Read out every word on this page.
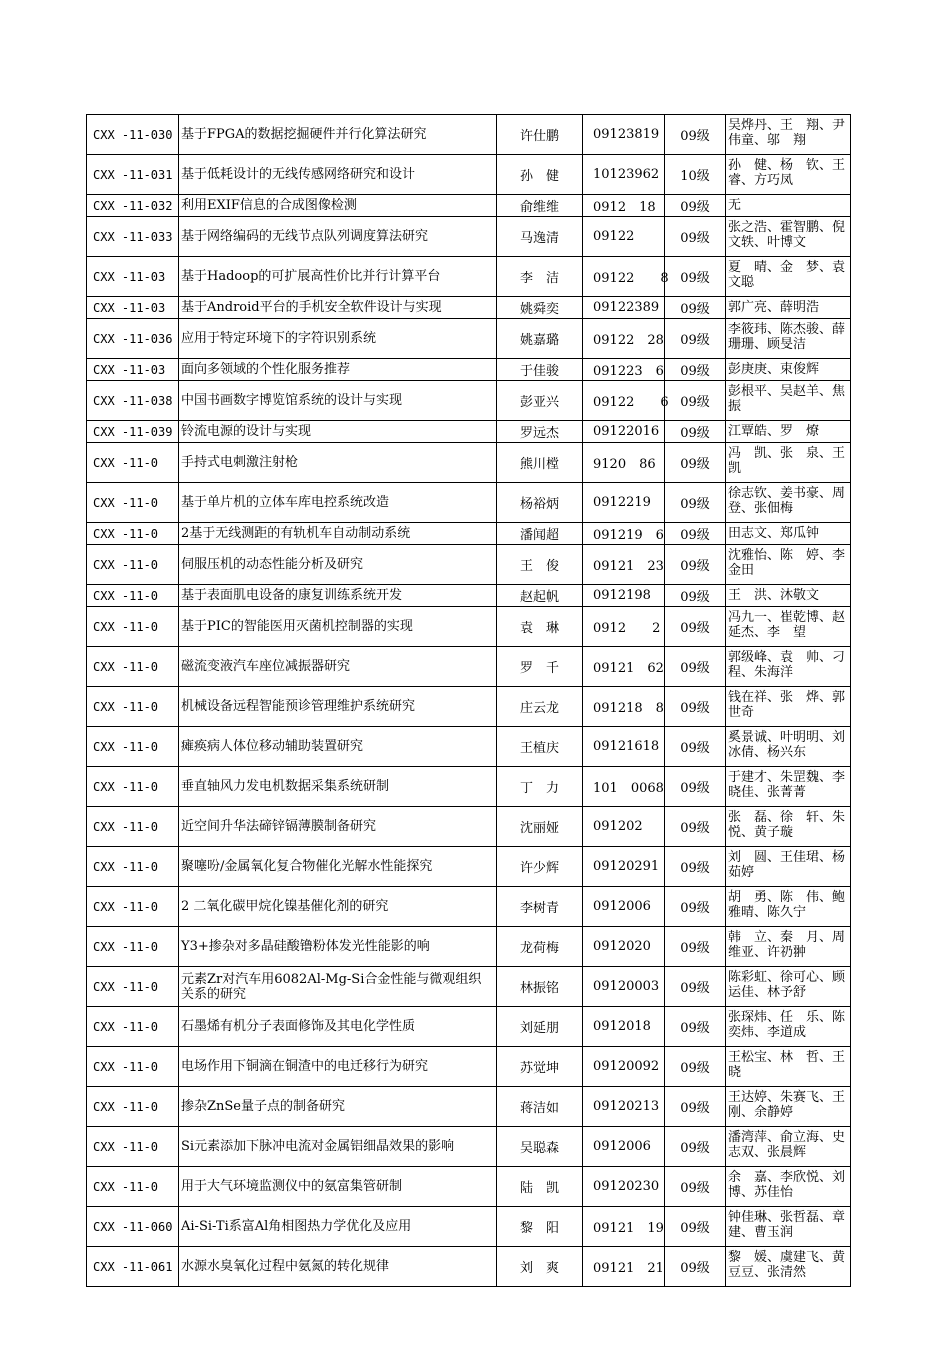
CXX -11-030	基于FPGA的数据挖掘硬件并行化算法研究	许仕鹏	09123819	09级	吴烨丹、王　翔、尹伟童、邬　翔
CXX -11-031	基于低耗设计的无线传感网络研究和设计	孙　健	10123962	10级	孙　健、杨　钦、王　睿、方巧凤
CXX -11-032	利用EXIF信息的合成图像检测	俞维维	0912　18	09级	无
CXX -11-033	基于网络编码的无线节点队列调度算法研究	马逸清	09122	09级	张之浩、霍智鹏、倪文轶、叶博文
CXX -11-03	基于Hadoop的可扩展高性价比并行计算平台	李　洁	09122　　8	09级	夏　晴、金　梦、袁文聪
CXX -11-03	基于Android平台的手机安全软件设计与实现	姚舜奕	09122389	09级	郭广亮、薛明浩
CXX -11-036	应用于特定环境下的字符识别系统	姚嘉璐	09122　28	09级	李筱玮、陈杰骏、薛珊珊、顾旻洁
CXX -11-03	面向多领域的个性化服务推荐	于佳骏	091223　6	09级	彭庚庚、束俊辉
CXX -11-038	中国书画数字博览馆系统的设计与实现	彭亚兴	09122　　6	09级	彭根平、吴赵羊、焦　振
CXX -11-039	铃流电源的设计与实现	罗远杰	09122016	09级	江覃皓、罗　燎
CXX -11-0	手持式电刺激注射枪	熊川樘	9120　86	09级	冯　凯、张　泉、王　凯
CXX -11-0	基于单片机的立体车库电控系统改造	杨裕炳	0912219	09级	徐志钦、姜书豪、周　登、张佃梅
CXX -11-0	2基于无线测距的有轨机车自动制动系统	潘闻超	091219　6	09级	田志文、郑瓜钟
CXX -11-0	伺服压机的动态性能分析及研究	王　俊	09121　23	09级	沈雅怡、陈　婷、李金田
CXX -11-0	基于表面肌电设备的康复训练系统开发	赵起帆	0912198	09级	王　洪、沐敬文
CXX -11-0	基于PIC的智能医用灭菌机控制器的实现	袁　琳	0912　　2	09级	冯九一、崔乾博、赵延杰、李　望
CXX -11-0	磁流变液汽车座位减振器研究	罗　千	09121　62	09级	郭级峰、袁　帅、刁　程、朱海洋
CXX -11-0	机械设备远程智能预诊管理维护系统研究	庄云龙	091218　8	09级	钱在祥、张　烨、郭世奇
CXX -11-0	瘫痪病人体位移动辅助装置研究	王植庆	09121618	09级	奚景诚、叶明明、刘冰倩、杨兴东
CXX -11-0	垂直轴风力发电机数据采集系统研制	丁　力	101　0068	09级	于建才、朱罡魏、李晓佳、张菁菁
CXX -11-0	近空间升华法碲锌镉薄膜制备研究	沈丽娅	091202	09级	张　磊、徐　轩、朱　悦、黄子璇
CXX -11-0	聚噻吩/金属氧化复合物催化光解水性能探究	许少辉	09120291	09级	刘　圆、王佳珺、杨茹婷
CXX -11-0	2 二氧化碳甲烷化镍基催化剂的研究	李树青	0912006	09级	胡　勇、陈　伟、鲍雅晴、陈久宁
CXX -11-0	Y3+掺杂对多晶硅酸镥粉体发光性能影的响	龙荷梅	0912020	09级	韩　立、秦　月、周维亚、许礽翀
CXX -11-0	元素Zr对汽车用6082Al-Mg-Si合金性能与微观组织关系的研究	林振铭	09120003	09级	陈彩虹、徐可心、顾运佳、林予舒
CXX -11-0	石墨烯有机分子表面修饰及其电化学性质	刘延朋	0912018	09级	张琛炜、任　乐、陈奕炜、李道成
CXX -11-0	电场作用下铜滴在铜渣中的电迁移行为研究	苏觉坤	09120092	09级	王松宝、林　哲、王　晓
CXX -11-0	掺杂ZnSe量子点的制备研究	蒋洁如	09120213	09级	王达婷、朱赛飞、王　刚、余静婷
CXX -11-0	Si元素添加下脉冲电流对金属铝细晶效果的影响	吴聪森	0912006	09级	潘湾萍、俞立海、史志双、张晨辉
CXX -11-0	用于大气环境监测仪中的氨富集管研制	陆　凯	09120230	09级	余　嘉、李欣悦、刘　博、苏佳怡
CXX -11-060	Ai-Si-Ti系富Al角相图热力学优化及应用	黎　阳	09121　19	09级	钟佳琳、张哲磊、章　建、曹玉润
CXX -11-061	水源水臭氧化过程中氨氮的转化规律	刘　爽	09121　21	09级	黎　媛、虞建飞、黄豆豆、张清然
